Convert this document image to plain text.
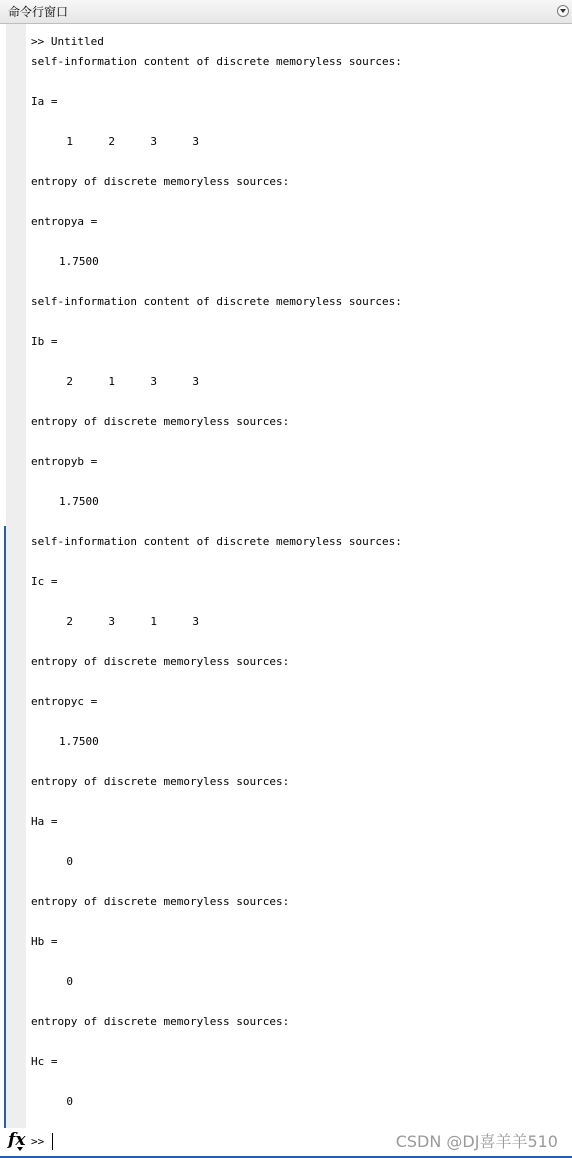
命令行窗口
>> Untitled
self-information content of discrete memoryless sources:
Ia =
1	2	3	3
entropy of discrete memoryless sources:
entropya =
1.7500
self-information content of discrete memoryless sources:
Ib =
2	1	3	3
entropy of discrete memoryless sources:
entropyb =
1.7500
self-information content of discrete memoryless sources:
Ic =
2	3	1	3
entropy of discrete memoryless sources:
entropyc =
1.7500
entropy of discrete memoryless sources:
Ha =
0
entropy of discrete memoryless sources:
Hb =
0
entropy of discrete memoryless sources:
Hc =
0
fx >>	CSDN @DJ喜羊羊510
